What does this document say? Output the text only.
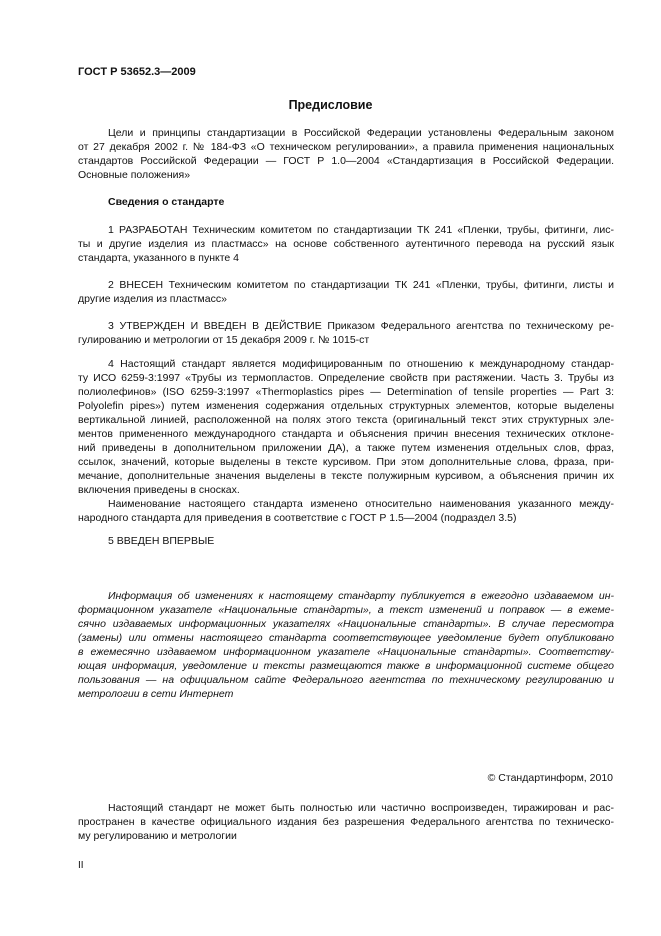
ГОСТ Р 53652.3—2009
Предисловие
Цели и принципы стандартизации в Российской Федерации установлены Федеральным законом
от 27 декабря 2002 г. № 184-ФЗ «О техническом регулировании», а правила применения национальных
стандартов Российской Федерации — ГОСТ Р 1.0—2004 «Стандартизация в Российской Федерации.
Основные положения»
Сведения о стандарте
1 РАЗРАБОТАН Техническим комитетом по стандартизации ТК 241 «Пленки, трубы, фитинги, лис-
ты и другие изделия из пластмасс» на основе собственного аутентичного перевода на русский язык
стандарта, указанного в пункте 4
2 ВНЕСЕН Техническим комитетом по стандартизации ТК 241 «Пленки, трубы, фитинги, листы и
другие изделия из пластмасс»
3 УТВЕРЖДЕН И ВВЕДЕН В ДЕЙСТВИЕ Приказом Федерального агентства по техническому ре-
гулированию и метрологии от 15 декабря 2009 г. № 1015-ст
4 Настоящий стандарт является модифицированным по отношению к международному стандар-
ту ИСО 6259-3:1997 «Трубы из термопластов. Определение свойств при растяжении. Часть 3. Трубы из
полиолефинов» (ISO 6259-3:1997 «Thermoplastics pipes — Determination of tensile properties — Part 3:
Polyolefin pipes») путем изменения содержания отдельных структурных элементов, которые выделены
вертикальной линией, расположенной на полях этого текста (оригинальный текст этих структурных эле-
ментов примененного международного стандарта и объяснения причин внесения технических отклоне-
ний приведены в дополнительном приложении ДА), а также путем изменения отдельных слов, фраз,
ссылок, значений, которые выделены в тексте курсивом. При этом дополнительные слова, фраза, при-
мечание, дополнительные значения выделены в тексте полужирным курсивом, а объяснения причин их
включения приведены в сносках.
Наименование настоящего стандарта изменено относительно наименования указанного между-
народного стандарта для приведения в соответствие с ГОСТ Р 1.5—2004 (подраздел 3.5)
5 ВВЕДЕН ВПЕРВЫЕ
Информация об изменениях к настоящему стандарту публикуется в ежегодно издаваемом ин-
формационном указателе «Национальные стандарты», а текст изменений и поправок — в ежеме-
сячно издаваемых информационных указателях «Национальные стандарты». В случае пересмотра
(замены) или отмены настоящего стандарта соответствующее уведомление будет опубликовано
в ежемесячно издаваемом информационном указателе «Национальные стандарты». Соответству-
ющая информация, уведомление и тексты размещаются также в информационной системе общего
пользования — на официальном сайте Федерального агентства по техническому регулированию и
метрологии в сети Интернет
© Стандартинформ, 2010
Настоящий стандарт не может быть полностью или частично воспроизведен, тиражирован и рас-
пространен в качестве официального издания без разрешения Федерального агентства по техническо-
му регулированию и метрологии
II
